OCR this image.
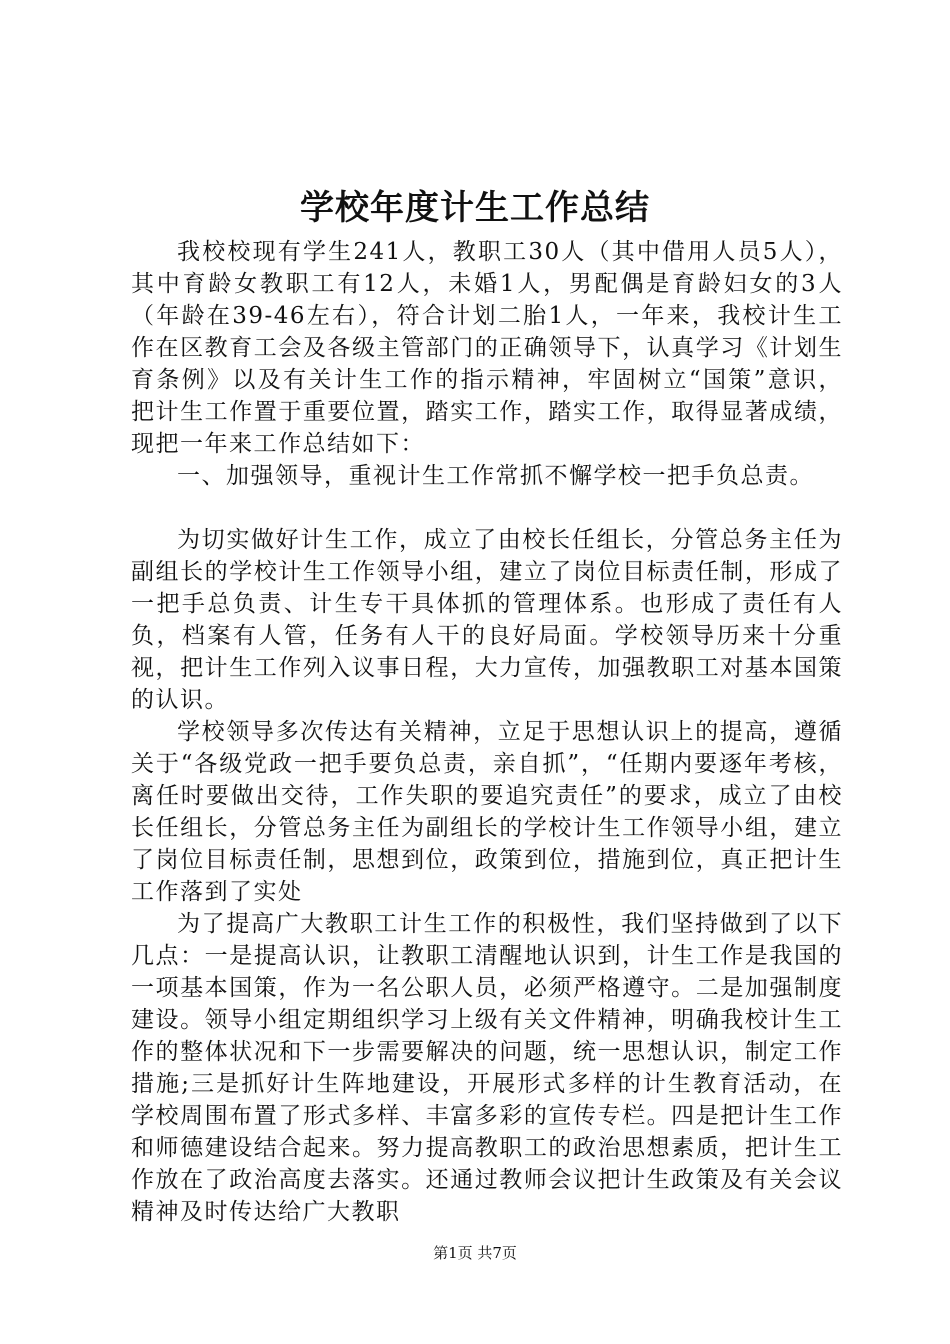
学校年度计生工作总结

我校校现有学生241人，教职工30人（其中借用人员5人），其中育龄女教职工有12人，未婚1人，男配偶是育龄妇女的3人（年龄在39-46左右），符合计划二胎1人，一年来，我校计生工作在区教育工会及各级主管部门的正确领导下，认真学习《计划生育条例》以及有关计生工作的指示精神，牢固树立“国策”意识，把计生工作置于重要位置，踏实工作，踏实工作，取得显著成绩，现把一年来工作总结如下：

一、加强领导，重视计生工作常抓不懈学校一把手负总责。

为切实做好计生工作，成立了由校长任组长，分管总务主任为副组长的学校计生工作领导小组，建立了岗位目标责任制，形成了一把手总负责、计生专干具体抓的管理体系。也形成了责任有人负，档案有人管，任务有人干的良好局面。学校领导历来十分重视，把计生工作列入议事日程，大力宣传，加强教职工对基本国策的认识。

学校领导多次传达有关精神，立足于思想认识上的提高，遵循关于“各级党政一把手要负总责，亲自抓”，“任期内要逐年考核，离任时要做出交待，工作失职的要追究责任”的要求，成立了由校长任组长，分管总务主任为副组长的学校计生工作领导小组，建立了岗位目标责任制，思想到位，政策到位，措施到位，真正把计生工作落到了实处

为了提高广大教职工计生工作的积极性，我们坚持做到了以下几点：一是提高认识，让教职工清醒地认识到，计生工作是我国的一项基本国策，作为一名公职人员，必须严格遵守。二是加强制度建设。领导小组定期组织学习上级有关文件精神，明确我校计生工作的整体状况和下一步需要解决的问题，统一思想认识，制定工作措施;三是抓好计生阵地建设，开展形式多样的计生教育活动，在学校周围布置了形式多样、丰富多彩的宣传专栏。四是把计生工作和师德建设结合起来。努力提高教职工的政治思想素质，把计生工作放在了政治高度去落实。还通过教师会议把计生政策及有关会议精神及时传达给广大教职

第1页 共7页
